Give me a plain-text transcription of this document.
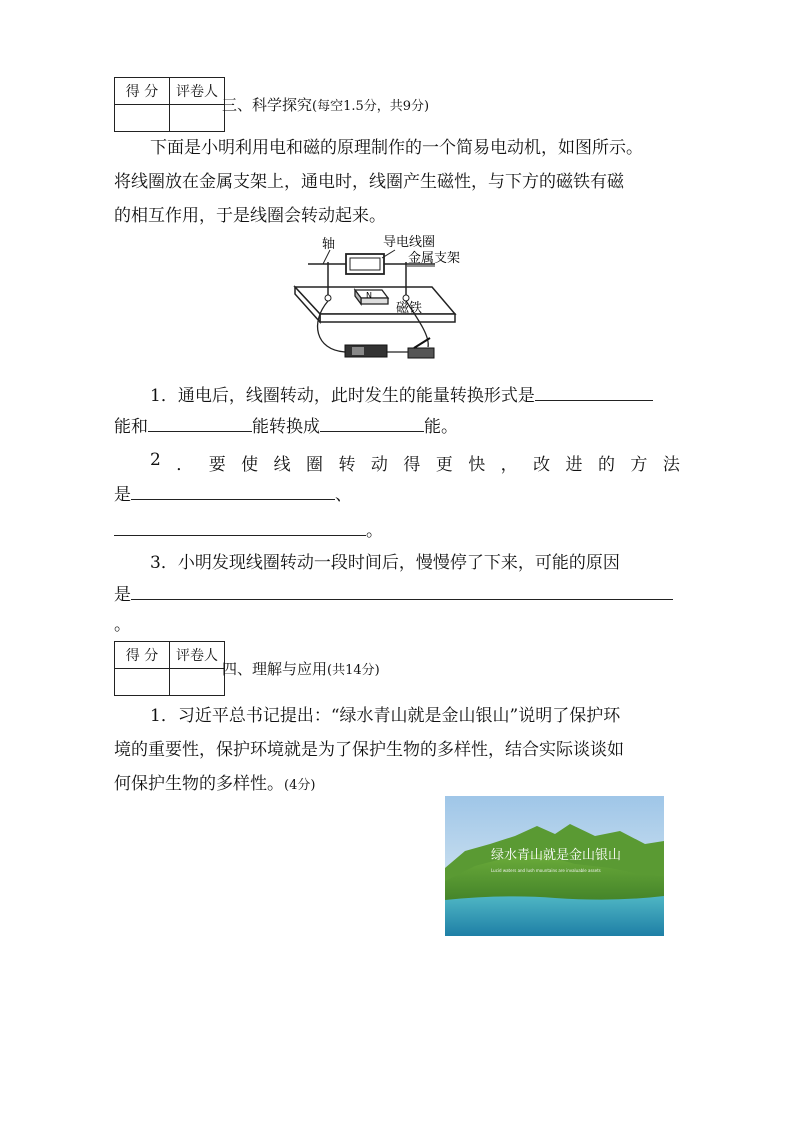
得 分	评卷人

三、科学探究(每空1.5分，共9分)
下面是小明利用电和磁的原理制作的一个简易电动机，如图所示。
将线圈放在金属支架上，通电时，线圈产生磁性，与下方的磁铁有磁
的相互作用，于是线圈会转动起来。
N
轴	导电线圈
金属支架
磁铁
1．通电后，线圈转动，此时发生的能量转换形式是
能和	能转换成	能。
2 ． 要 使 线 圈 转 动 得 更 快 ， 改 进 的 方 法
是	、
。
3．小明发现线圈转动一段时间后，慢慢停了下来，可能的原因
是
。
得 分	评卷人

四、理解与应用(共14分)
1．习近平总书记提出：“绿水青山就是金山银山”说明了保护环
境的重要性，保护环境就是为了保护生物的多样性，结合实际谈谈如
何保护生物的多样性。(4分)
绿水青山就是金山银山
Lucid waters and lush mountains are invaluable assets
